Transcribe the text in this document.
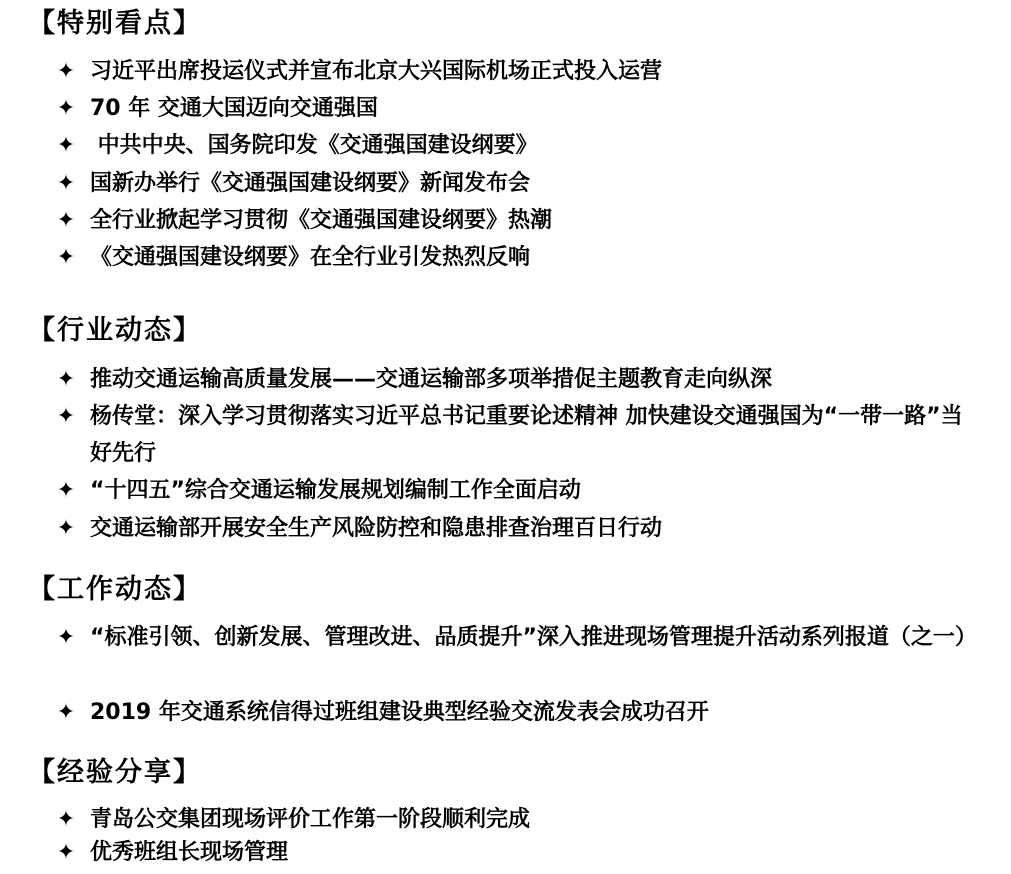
【特别看点】
✦ 习近平出席投运仪式并宣布北京大兴国际机场正式投入运营
✦ 70 年 交通大国迈向交通强国
✦ 中共中央、国务院印发《交通强国建设纲要》
✦ 国新办举行《交通强国建设纲要》新闻发布会
✦ 全行业掀起学习贯彻《交通强国建设纲要》热潮
✦ 《交通强国建设纲要》在全行业引发热烈反响
【行业动态】
✦ 推动交通运输高质量发展——交通运输部多项举措促主题教育走向纵深
✦ 杨传堂：深入学习贯彻落实习近平总书记重要论述精神 加快建设交通强国为“一带一路”当好先行
✦ “十四五”综合交通运输发展规划编制工作全面启动
✦ 交通运输部开展安全生产风险防控和隐患排查治理百日行动
【工作动态】
✦ “标准引领、创新发展、管理改进、品质提升”深入推进现场管理提升活动系列报道（之一）
✦ 2019 年交通系统信得过班组建设典型经验交流发表会成功召开
【经验分享】
✦ 青岛公交集团现场评价工作第一阶段顺利完成
✦ 优秀班组长现场管理
